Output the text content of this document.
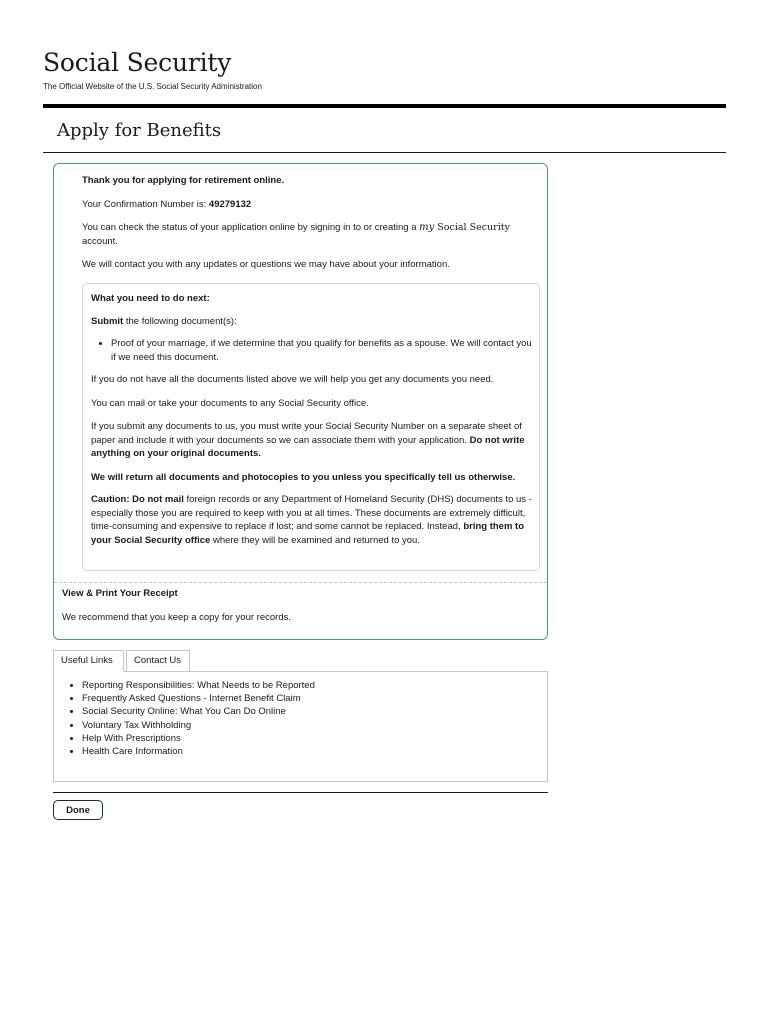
Social Security
The Official Website of the U.S. Social Security Administration
Apply for Benefits

Thank you for applying for retirement online.

Your Confirmation Number is: 49279132

You can check the status of your application online by signing in to or creating a my Social Security
account.

We will contact you with any updates or questions we may have about your information.

What you need to do next:

Submit the following document(s):

• Proof of your marriage, if we determine that you qualify for benefits as a spouse. We will contact you if we need this document.

If you do not have all the documents listed above we will help you get any documents you need.

You can mail or take your documents to any Social Security office.

If you submit any documents to us, you must write your Social Security Number on a separate sheet of paper and include it with your documents so we can associate them with your application. Do not write anything on your original documents.

We will return all documents and photocopies to you unless you specifically tell us otherwise.

Caution: Do not mail foreign records or any Department of Homeland Security (DHS) documents to us - especially those you are required to keep with you at all times. These documents are extremely difficult, time-consuming and expensive to replace if lost; and some cannot be replaced. Instead, bring them to your Social Security office where they will be examined and returned to you.

View & Print Your Receipt

We recommend that you keep a copy for your records.

Useful Links	Contact Us
• Reporting Responsibilities: What Needs to be Reported
• Frequently Asked Questions - Internet Benefit Claim
• Social Security Online: What You Can Do Online
• Voluntary Tax Withholding
• Help With Prescriptions
• Health Care Information
Done
